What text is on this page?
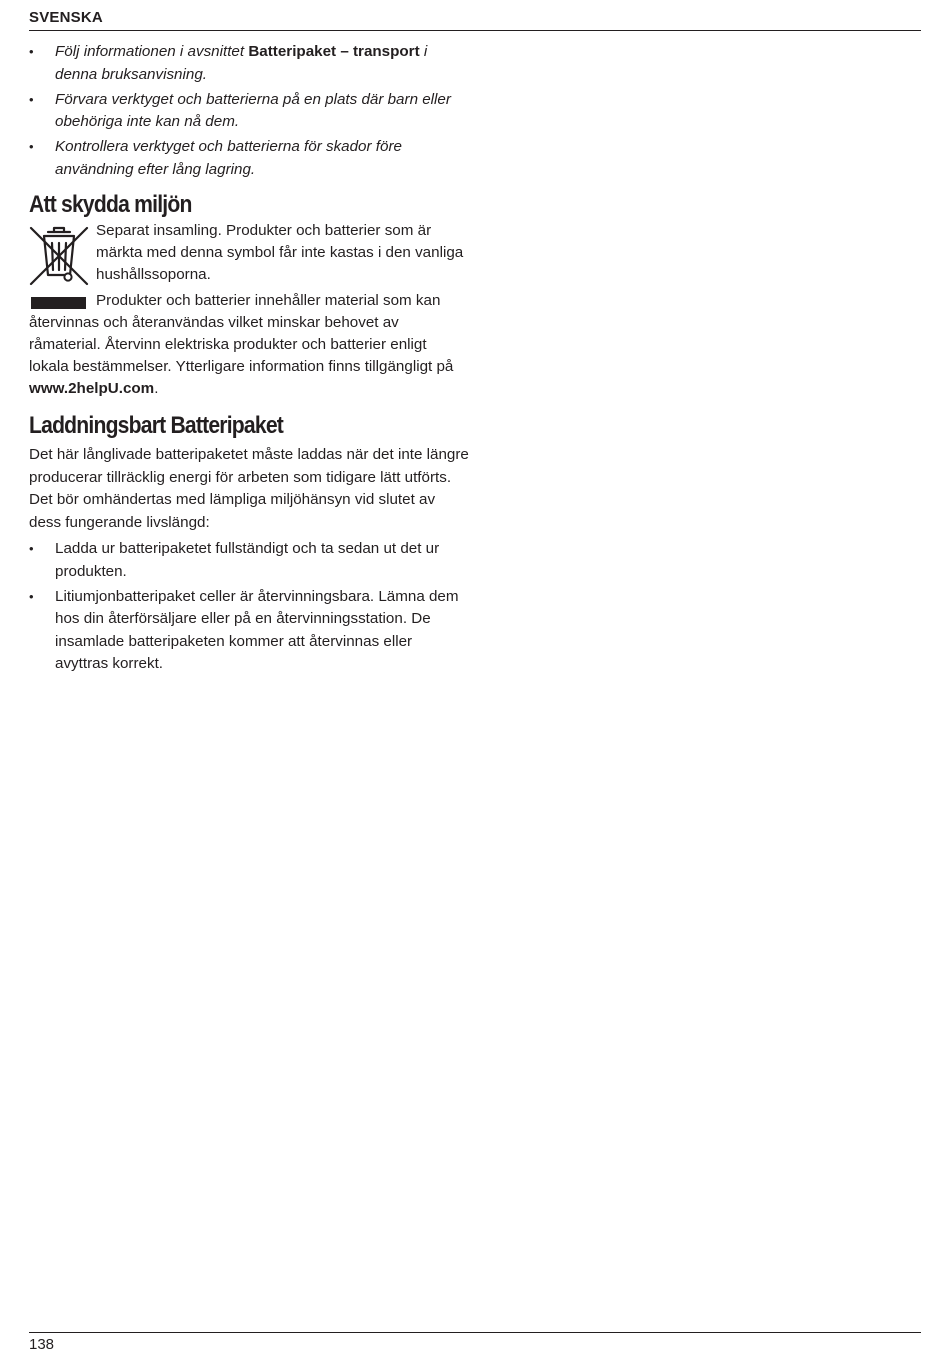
SVENSKA
• Följ informationen i avsnittet Batteripaket – transport i denna bruksanvisning.
• Förvara verktyget och batterierna på en plats där barn eller obehöriga inte kan nå dem.
• Kontrollera verktyget och batterierna för skador före användning efter lång lagring.
Att skydda miljön

Separat insamling. Produkter och batterier som är märkta med denna symbol får inte kastas i den vanliga hushållssoporna.

Produkter och batterier innehåller material som kan återvinnas och återanvändas vilket minskar behovet av råmaterial. Återvinn elektriska produkter och batterier enligt lokala bestämmelser. Ytterligare information finns tillgängligt på www.2helpU.com.

Laddningsbart Batteripaket

Det här långlivade batteripaketet måste laddas när det inte längre producerar tillräcklig energi för arbeten som tidigare lätt utförts. Det bör omhändertas med lämpliga miljöhänsyn vid slutet av dess fungerande livslängd:

• Ladda ur batteripaketet fullständigt och ta sedan ut det ur produkten.
• Litiumjonbatteripaket celler är återvinningsbara. Lämna dem hos din återförsäljare eller på en återvinningsstation. De insamlade batteripaketen kommer att återvinnas eller avyttras korrekt.
138
